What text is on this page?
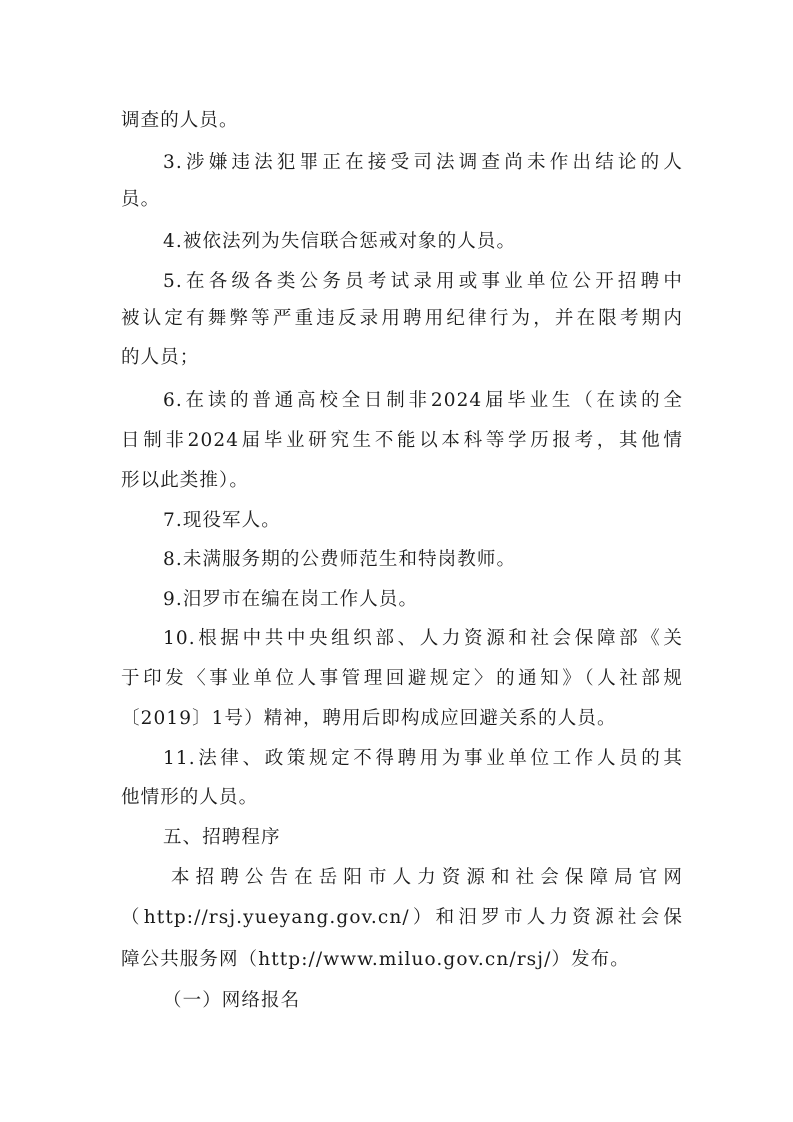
调查的人员。
3.涉嫌违法犯罪正在接受司法调查尚未作出结论的人
员。
4.被依法列为失信联合惩戒对象的人员。
5.在各级各类公务员考试录用或事业单位公开招聘中
被认定有舞弊等严重违反录用聘用纪律行为，并在限考期内
的人员；
6.在读的普通高校全日制非2024届毕业生（在读的全
日制非2024届毕业研究生不能以本科等学历报考，其他情
形以此类推）。
7.现役军人。
8.未满服务期的公费师范生和特岗教师。
9.汨罗市在编在岗工作人员。
10.根据中共中央组织部、人力资源和社会保障部《关
于印发〈事业单位人事管理回避规定〉的通知》（人社部规
〔2019〕1号）精神，聘用后即构成应回避关系的人员。
11.法律、政策规定不得聘用为事业单位工作人员的其
他情形的人员。
五、招聘程序
本招聘公告在岳阳市人力资源和社会保障局官网
（http://rsj.yueyang.gov.cn/）和汨罗市人力资源社会保
障公共服务网（http://www.miluo.gov.cn/rsj/）发布。
（一）网络报名
